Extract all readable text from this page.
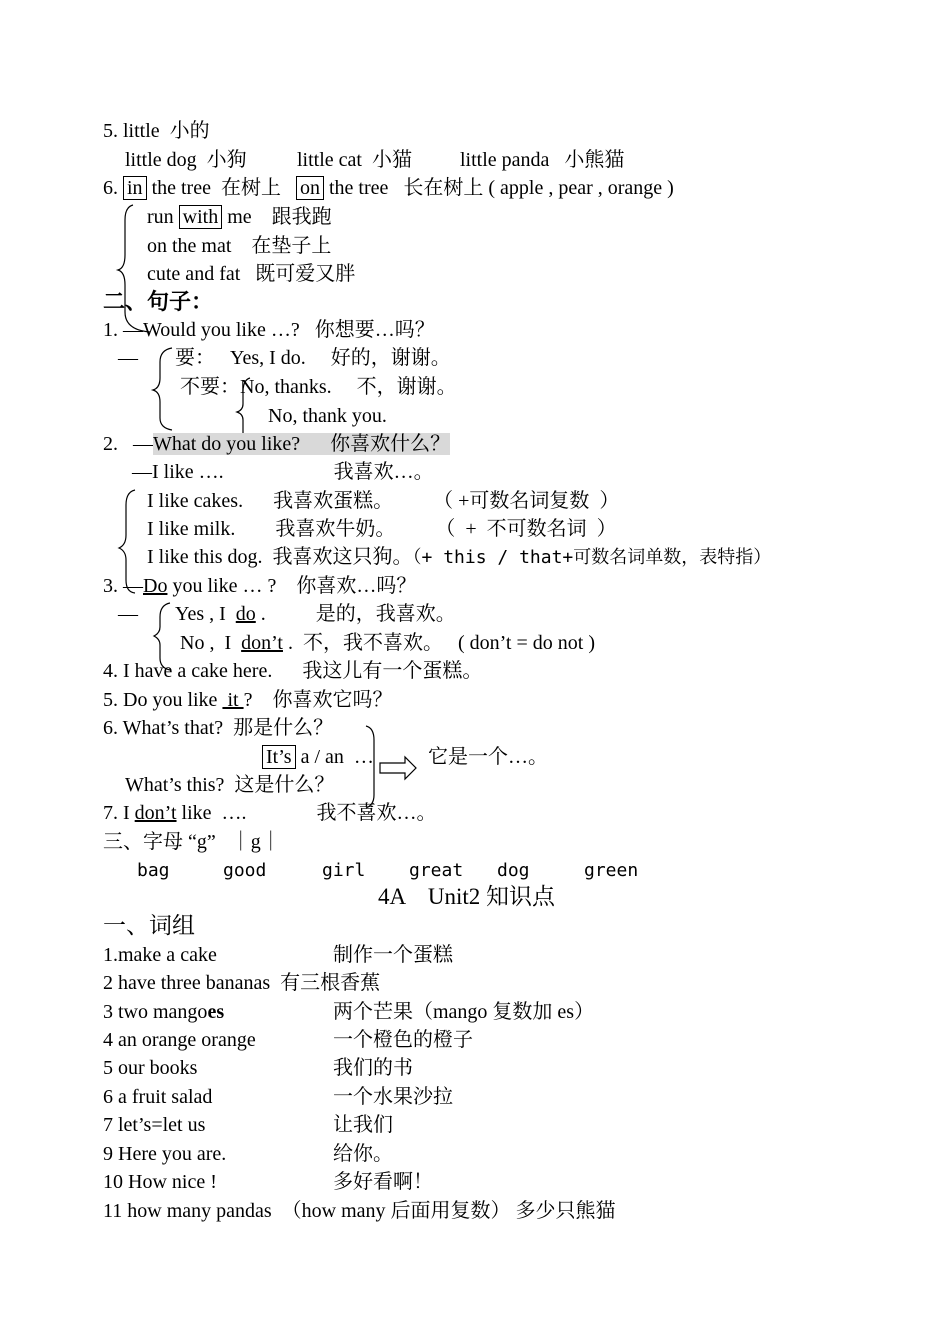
5. little  小的
little dog  小狗	little cat  小猫 little panda   小熊猫
6. in the tree  在树上 on the tree   长在树上 ( apple , pear , orange )
run with me    跟我跑
on the mat    在垫子上
cute and fat   既可爱又胖
二、句子：
1. —Would you like …?   你想要…吗？
— 要：   Yes, I do.     好的，谢谢。
不要：No, thanks.     不，谢谢。
No, thank you.
2.   —What do you like?      你喜欢什么？
—I like ….                      我喜欢…。
I like cakes.      我喜欢蛋糕。        （ +可数名词复数  ）
I like milk.        我喜欢牛奶。        （  +  不可数名词  ）
I like this dog.  我喜欢这只狗。（+ this / that+可数名词单数，表特指）
3. —Do you like … ?    你喜欢…吗？
— Yes , I  do .          是的，我喜欢。
No ,  I  don’t .  不，我不喜欢。   ( don’t = do not )
4. I have a cake here.      我这儿有一个蛋糕。
5. Do you like  it ?    你喜欢它吗？
6. What’s that?  那是什么？
It’s a / an  …	它是一个…。
What’s this?  这是什么？
7. I don’t like  ….              我不喜欢…。
三、字母 “g”   ｜g｜
bag	good	girl great dog	green
4A    Unit2 知识点
一、词组
1.make a cake	制作一个蛋糕
2 have three bananas  有三根香蕉
3 two mangoes	两个芒果（mango 复数加 es）
4 an orange orange	一个橙色的橙子
5 our books	我们的书
6 a fruit salad	一个水果沙拉
7 let’s=let us	让我们
9 Here you are.	给你。
10 How nice !	多好看啊！
11 how many pandas  （how many 后面用复数） 多少只熊猫
